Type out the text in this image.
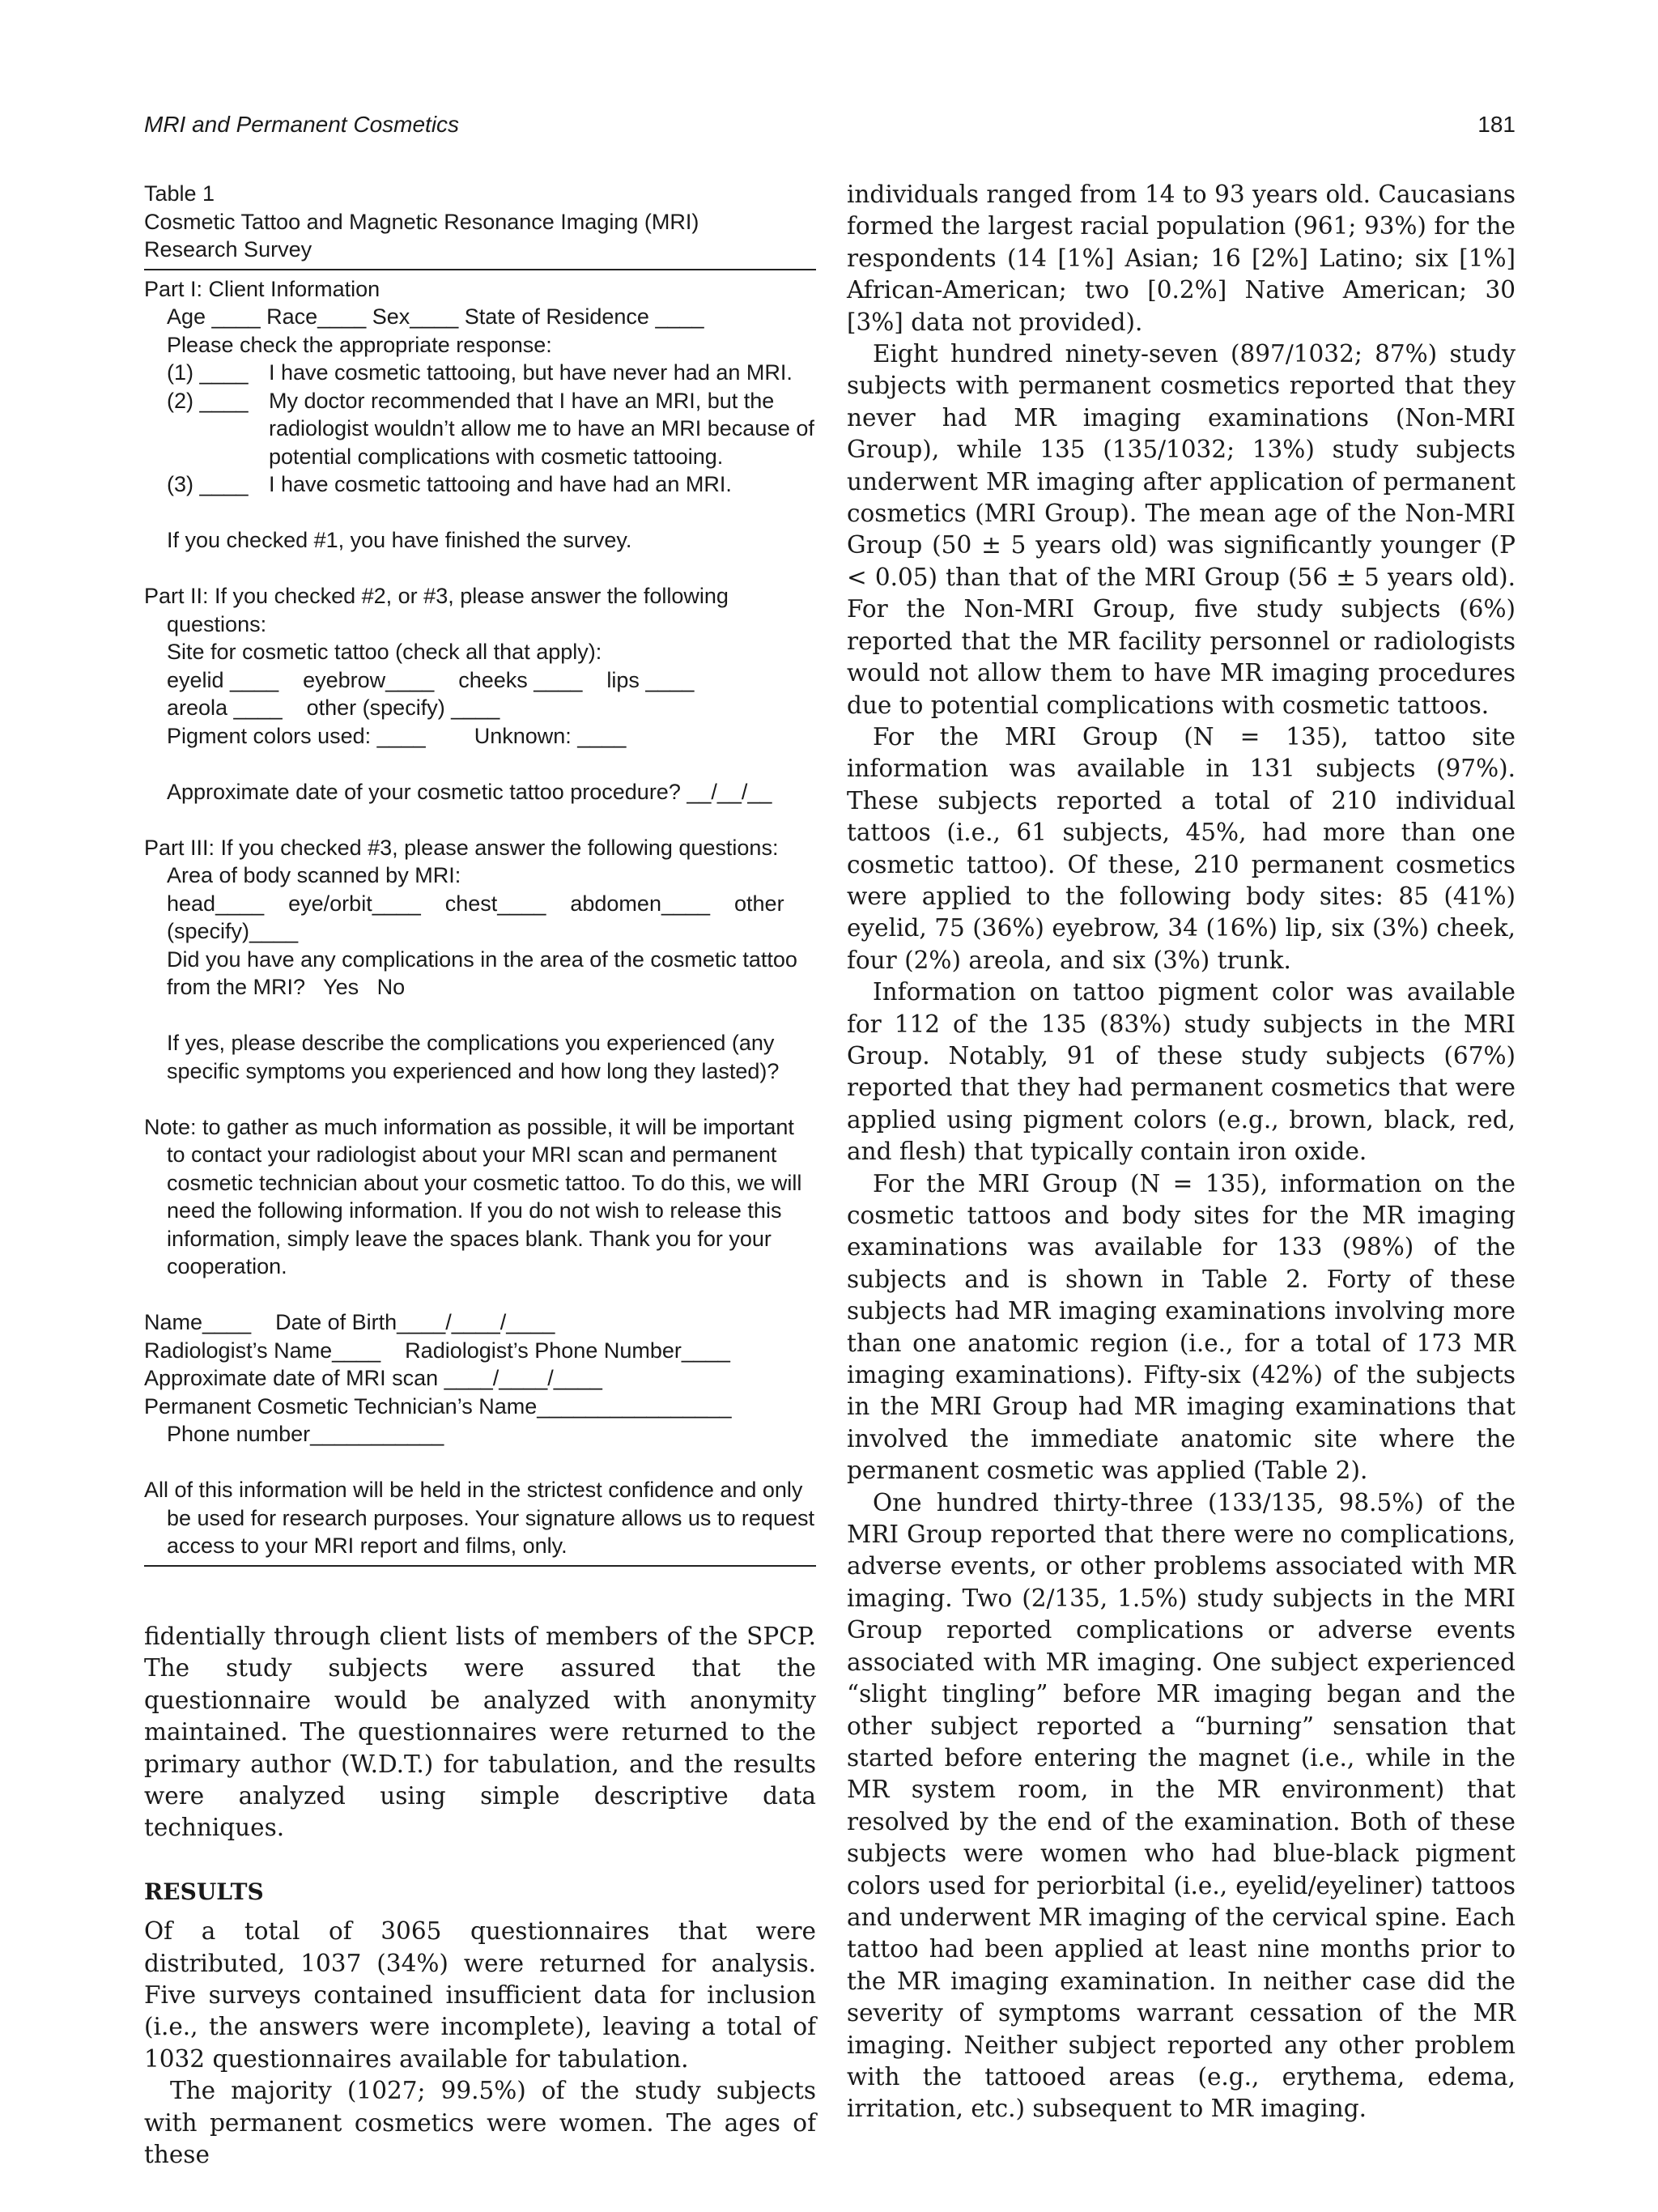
MRI and Permanent Cosmetics	181

Table 1

Cosmetic Tattoo and Magnetic Resonance Imaging (MRI)

Research Survey

Part I: Client Information

Age ____ Race____ Sex____ State of Residence ____

Please check the appropriate response:

(1) ____ I have cosmetic tattooing, but have never had an MRI.
(2) ____ My doctor recommended that I have an MRI, but the radiologist wouldn’t allow me to have an MRI because of potential complications with cosmetic tattooing.
(3) ____ I have cosmetic tattooing and have had an MRI.

If you checked #1, you have finished the survey.

Part II: If you checked #2, or #3, please answer the following questions:

Site for cosmetic tattoo (check all that apply):

eyelid ____    eyebrow____    cheeks ____    lips ____

areola ____    other (specify) ____

Pigment colors used: ____        Unknown: ____

Approximate date of your cosmetic tattoo procedure? __/__/__

Part III: If you checked #3, please answer the following questions:

Area of body scanned by MRI:

head____    eye/orbit____    chest____    abdomen____    other (specify)____

Did you have any complications in the area of the cosmetic tattoo from the MRI?   Yes   No

If yes, please describe the complications you experienced (any specific symptoms you experienced and how long they lasted)?

Note: to gather as much information as possible, it will be important to contact your radiologist about your MRI scan and permanent cosmetic technician about your cosmetic tattoo. To do this, we will need the following information. If you do not wish to release this information, simply leave the spaces blank. Thank you for your cooperation.

Name____    Date of Birth____/____/____

Radiologist’s Name____    Radiologist’s Phone Number____

Approximate date of MRI scan ____/____/____

Permanent Cosmetic Technician’s Name________________

Phone number___________

All of this information will be held in the strictest confidence and only be used for research purposes. Your signature allows us to request access to your MRI report and films, only.

fidentially through client lists of members of the SPCP. The study subjects were assured that the questionnaire would be analyzed with anonymity maintained. The questionnaires were returned to the primary author (W.D.T.) for tabulation, and the results were analyzed using simple descriptive data techniques.

RESULTS

Of a total of 3065 questionnaires that were distributed, 1037 (34%) were returned for analysis. Five surveys contained insufficient data for inclusion (i.e., the answers were incomplete), leaving a total of 1032 questionnaires available for tabulation.

The majority (1027; 99.5%) of the study subjects with permanent cosmetics were women. The ages of these

individuals ranged from 14 to 93 years old. Caucasians formed the largest racial population (961; 93%) for the respondents (14 [1%] Asian; 16 [2%] Latino; six [1%] African-American; two [0.2%] Native American; 30 [3%] data not provided).

Eight hundred ninety-seven (897/1032; 87%) study subjects with permanent cosmetics reported that they never had MR imaging examinations (Non-MRI Group), while 135 (135/1032; 13%) study subjects underwent MR imaging after application of permanent cosmetics (MRI Group). The mean age of the Non-MRI Group (50 ± 5 years old) was significantly younger (P < 0.05) than that of the MRI Group (56 ± 5 years old). For the Non-MRI Group, five study subjects (6%) reported that the MR facility personnel or radiologists would not allow them to have MR imaging procedures due to potential complications with cosmetic tattoos.

For the MRI Group (N = 135), tattoo site information was available in 131 subjects (97%). These subjects reported a total of 210 individual tattoos (i.e., 61 subjects, 45%, had more than one cosmetic tattoo). Of these, 210 permanent cosmetics were applied to the following body sites: 85 (41%) eyelid, 75 (36%) eyebrow, 34 (16%) lip, six (3%) cheek, four (2%) areola, and six (3%) trunk.

Information on tattoo pigment color was available for 112 of the 135 (83%) study subjects in the MRI Group. Notably, 91 of these study subjects (67%) reported that they had permanent cosmetics that were applied using pigment colors (e.g., brown, black, red, and flesh) that typically contain iron oxide.

For the MRI Group (N = 135), information on the cosmetic tattoos and body sites for the MR imaging examinations was available for 133 (98%) of the subjects and is shown in Table 2. Forty of these subjects had MR imaging examinations involving more than one anatomic region (i.e., for a total of 173 MR imaging examinations). Fifty-six (42%) of the subjects in the MRI Group had MR imaging examinations that involved the immediate anatomic site where the permanent cosmetic was applied (Table 2).

One hundred thirty-three (133/135, 98.5%) of the MRI Group reported that there were no complications, adverse events, or other problems associated with MR imaging. Two (2/135, 1.5%) study subjects in the MRI Group reported complications or adverse events associated with MR imaging. One subject experienced “slight tingling” before MR imaging began and the other subject reported a “burning” sensation that started before entering the magnet (i.e., while in the MR system room, in the MR environment) that resolved by the end of the examination. Both of these subjects were women who had blue-black pigment colors used for periorbital (i.e., eyelid/eyeliner) tattoos and underwent MR imaging of the cervical spine. Each tattoo had been applied at least nine months prior to the MR imaging examination. In neither case did the severity of symptoms warrant cessation of the MR imaging. Neither subject reported any other problem with the tattooed areas (e.g., erythema, edema, irritation, etc.) subsequent to MR imaging.
